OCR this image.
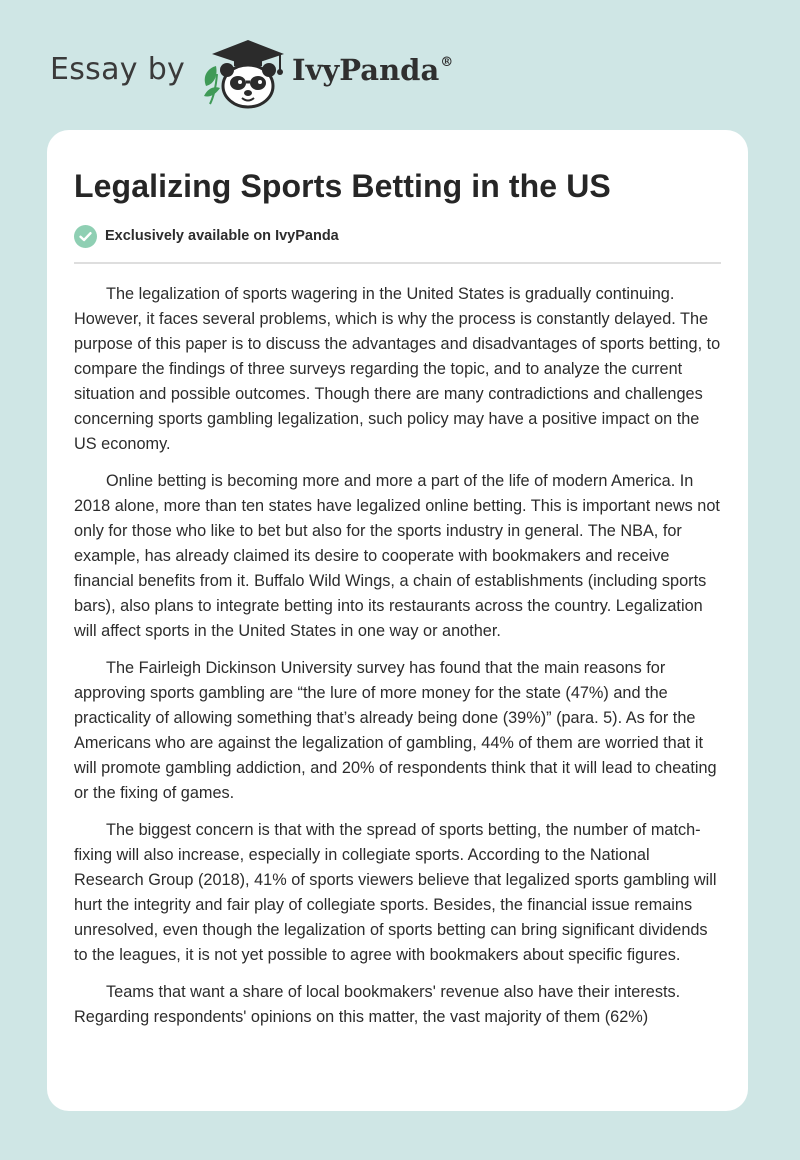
Essay by	IvyPanda®
Legalizing Sports Betting in the US
Exclusively available on IvyPanda

The legalization of sports wagering in the United States is gradually continuing. However, it faces several problems, which is why the process is constantly delayed. The purpose of this paper is to discuss the advantages and disadvantages of sports betting, to compare the findings of three surveys regarding the topic, and to analyze the current situation and possible outcomes. Though there are many contradictions and challenges concerning sports gambling legalization, such policy may have a positive impact on the US economy.

Online betting is becoming more and more a part of the life of modern America. In 2018 alone, more than ten states have legalized online betting. This is important news not only for those who like to bet but also for the sports industry in general. The NBA, for example, has already claimed its desire to cooperate with bookmakers and receive financial benefits from it. Buffalo Wild Wings, a chain of establishments (including sports bars), also plans to integrate betting into its restaurants across the country. Legalization will affect sports in the United States in one way or another.

The Fairleigh Dickinson University survey has found that the main reasons for approving sports gambling are “the lure of more money for the state (47%) and the practicality of allowing something that’s already being done (39%)” (para. 5). As for the Americans who are against the legalization of gambling, 44% of them are worried that it will promote gambling addiction, and 20% of respondents think that it will lead to cheating or the fixing of games.

The biggest concern is that with the spread of sports betting, the number of match-fixing will also increase, especially in collegiate sports. According to the National Research Group (2018), 41% of sports viewers believe that legalized sports gambling will hurt the integrity and fair play of collegiate sports. Besides, the financial issue remains unresolved, even though the legalization of sports betting can bring significant dividends to the leagues, it is not yet possible to agree with bookmakers about specific figures.

Teams that want a share of local bookmakers' revenue also have their interests. Regarding respondents' opinions on this matter, the vast majority of them (62%)
